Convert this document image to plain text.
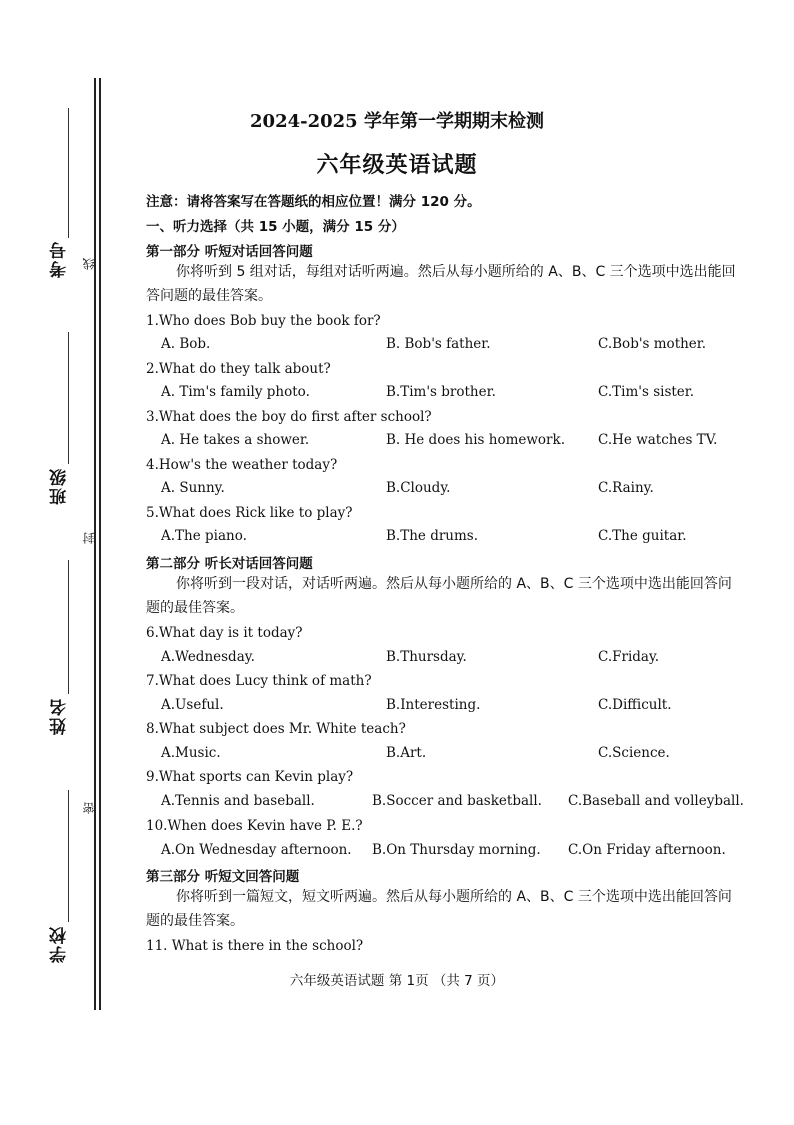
考号 线
班级
封
姓名
密
学校
2024-2025 学年第一学期期末检测
六年级英语试题
注意：请将答案写在答题纸的相应位置！满分 120 分。
一、听力选择（共 15 小题，满分 15 分）
第一部分 听短对话回答问题
你将听到 5 组对话，每组对话听两遍。然后从每小题所给的 A、B、C 三个选项中选出能回答问题的最佳答案。
1.Who does Bob buy the book for?
A. Bob.	B. Bob's father.	C.Bob's mother.
2.What do they talk about?
A. Tim's family photo.	B.Tim's brother.	C.Tim's sister.
3.What does the boy do first after school?
A. He takes a shower.	B. He does his homework. C.He watches TV.
4.How's the weather today?
A. Sunny.	B.Cloudy.	C.Rainy.
5.What does Rick like to play?
A.The piano.	B.The drums.	C.The guitar.
第二部分 听长对话回答问题
你将听到一段对话，对话听两遍。然后从每小题所给的 A、B、C 三个选项中选出能回答问题的最佳答案。
6.What day is it today?
A.Wednesday.	B.Thursday.	C.Friday.
7.What does Lucy think of math?
A.Useful.	B.Interesting.	C.Difficult.
8.What subject does Mr. White teach?
A.Music.	B.Art.	C.Science.
9.What sports can Kevin play?
A.Tennis and baseball.	B.Soccer and basketball. C.Baseball and volleyball.
10.When does Kevin have P. E.?
A.On Wednesday afternoon. B.On Thursday morning. C.On Friday afternoon.
第三部分 听短文回答问题
你将听到一篇短文，短文听两遍。然后从每小题所给的 A、B、C 三个选项中选出能回答问题的最佳答案。
11. What is there in the school?
六年级英语试题 第 1页 （共 7 页）
